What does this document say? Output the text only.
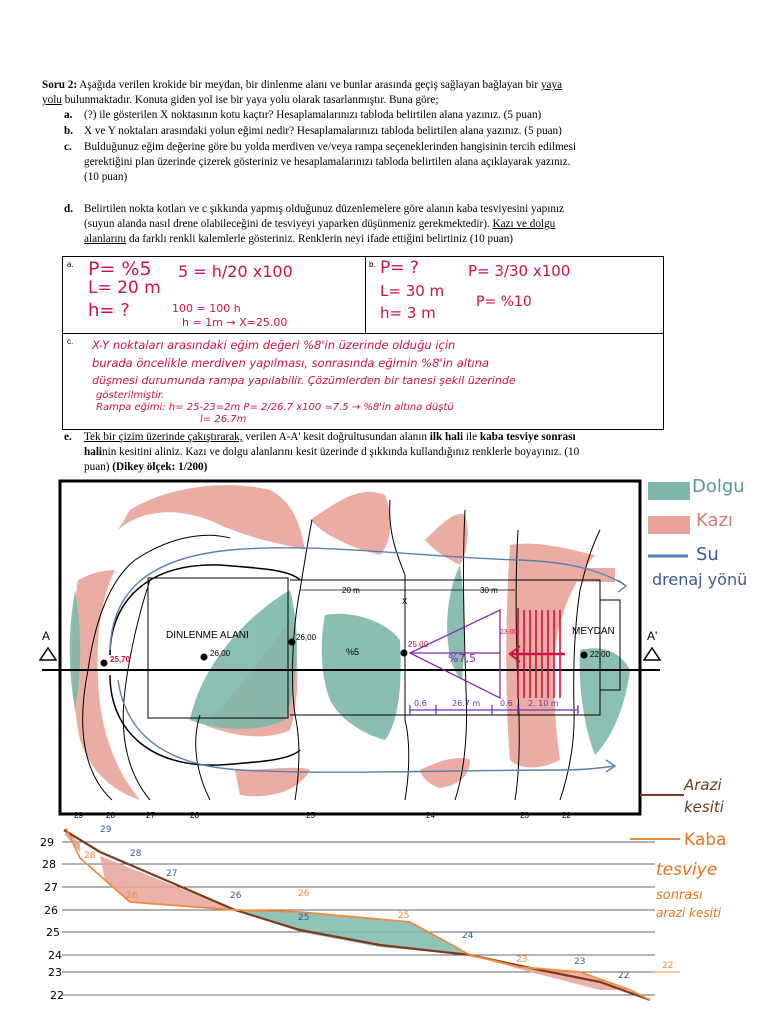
Soru 2: Aşağıda verilen krokide bir meydan, bir dinlenme alanı ve bunlar arasında geçiş sağlayan bağlayan bir yaya
yolu bulunmaktadır. Konuta giden yol ise bir yaya yolu olarak tasarlanmıştır. Buna göre;
a. (?) ile gösterilen X noktasının kotu kaçtır? Hesaplamalarınızı tabloda belirtilen alana yazınız. (5 puan)
b. X ve Y noktaları arasındaki yolun eğimi nedir? Hesaplamalarınızı tabloda belirtilen alana yazınız. (5 puan)
c. Bulduğunuz eğim değerine göre bu yolda merdiven ve/veya rampa seçeneklerinden hangisinin tercih edilmesi
gerektiğini plan üzerinde çizerek gösteriniz ve hesaplamalarınızı tabloda belirtilen alana açıklayarak yazınız.
(10 puan)
d. Belirtilen nokta kotları ve c şıkkında yapmış olduğunuz düzenlemelere göre alanın kaba tesviyesini yapınız
(suyun alanda nasıl drene olabileceğini de tesviyeyi yaparken düşünmeniz gerekmektedir). Kazı ve dolgu
alanlarını da farklı renkli kalemlerle gösteriniz. Renklerin neyi ifade ettiğini belirtiniz (10 puan)
a.	b.
c.
P= %5
L= 20 m
h= ?
5 = h/20 x100
100 = 100 h
h = 1m → X=25.00
P= ?
L= 30 m
h= 3 m
P= 3/30 x100
P= %10
X-Y noktaları arasındaki eğim değeri %8'in üzerinde olduğu için
burada öncelikle merdiven yapılması, sonrasında eğimin %8'in altına
düşmesi durumunda rampa yapılabilir. Çözümlerden bir tanesi şekil üzerinde
gösterilmiştir.
Rampa eğimi: h= 25-23=2m P= 2/26.7 x100 =7.5 → %8'in altına düştü
l= 26.7m
e. Tek bir çizim üzerinde çakıştırarak, verilen A-A' kesit doğrultusundan alanın ilk hali ile kaba tesviye sonrası
halinin kesitini aliniz. Kazı ve dolgu alanlarını kesit üzerinde d şıkkında kullandığınız renklerle boyayınız. (10
puan) (Dikey ölçek: 1/200)
20 m	30 m
A	A'
DINLENME ALANI	MEYDAN
%5
X
25,70
26,00
26,00
25.00
23.00
22,00
%7,5
0.6	26.7 m 0.6 2. 10 m
29	28	27	26	25	24	23	22
Dolgu
Kazı
Su
drenaj yönü
Arazi
kesiti
Kaba
tesviye
sonrası
arazi kesiti
29
28
27
26
25
24
23
22
29
28
27
26
25
24
23
22
28
26	26
25
23
22
